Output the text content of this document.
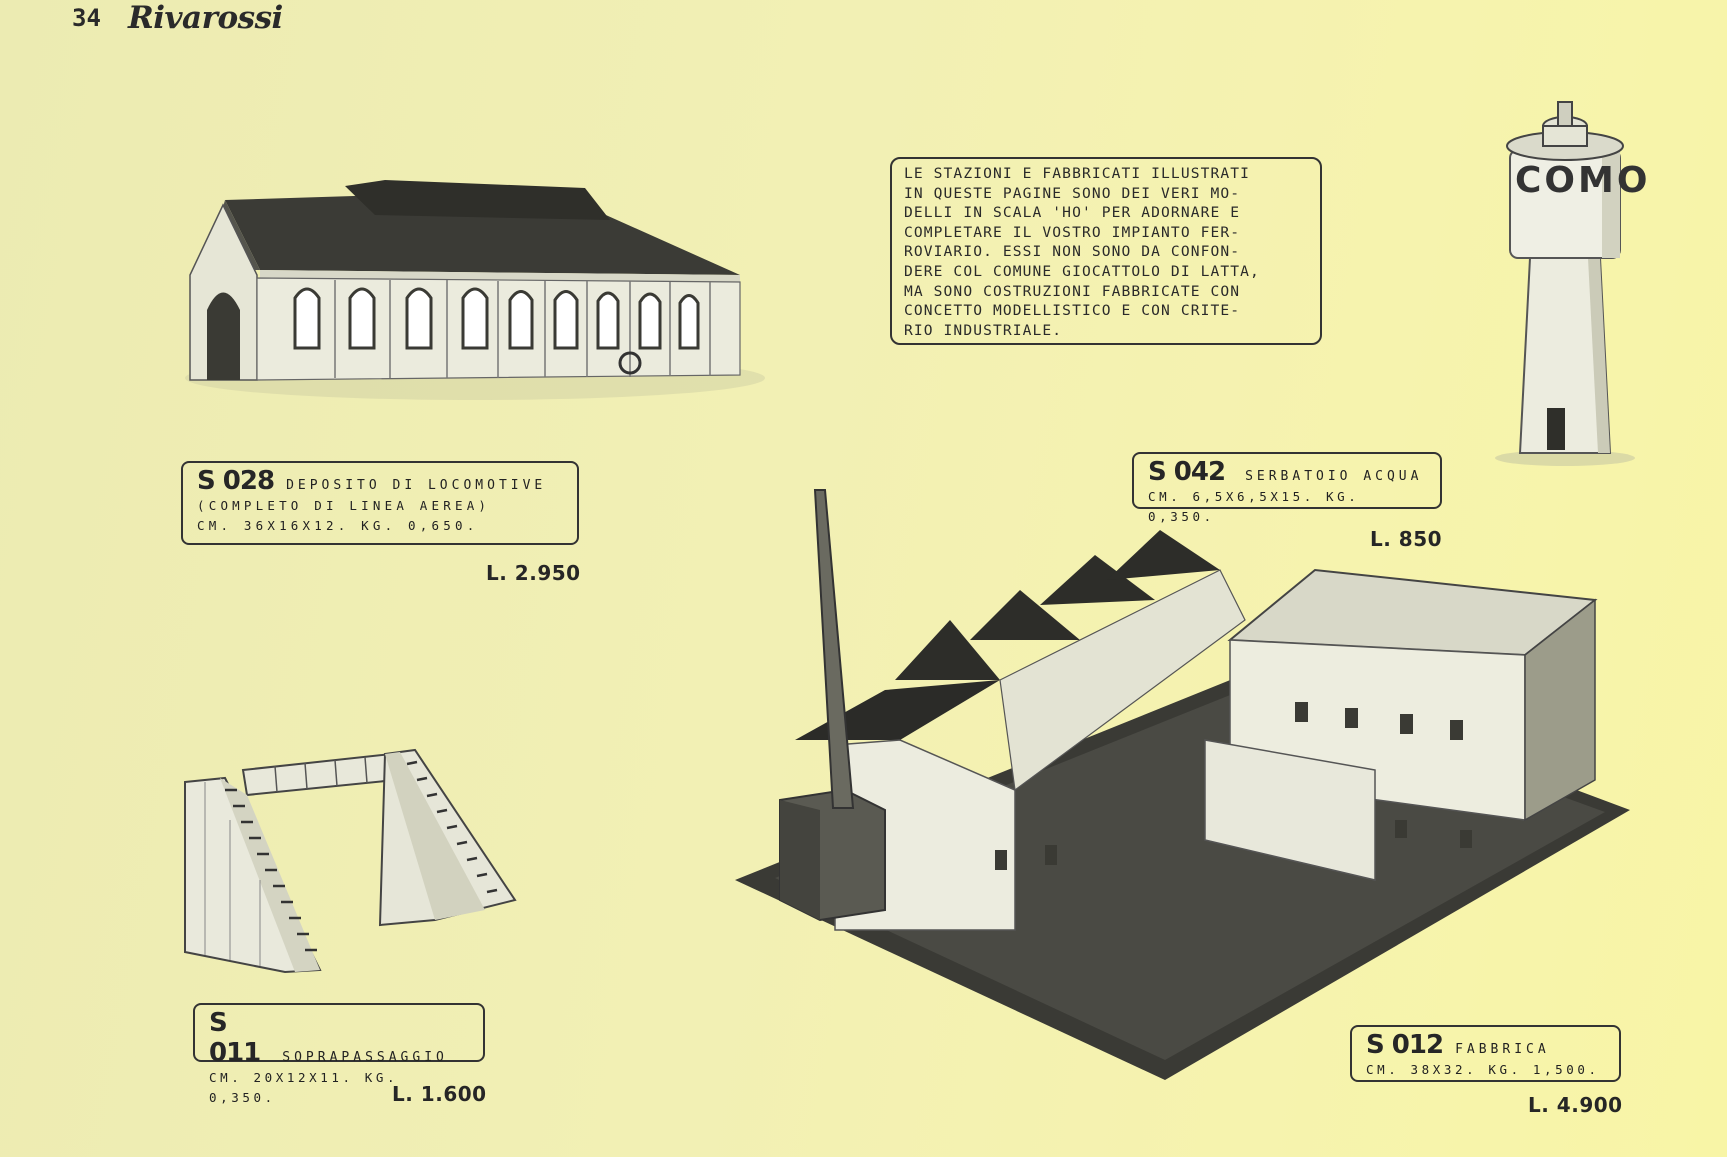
34 Rivarossi
LE STAZIONI E FABBRICATI ILLUSTRATI
IN QUESTE PAGINE SONO DEI VERI MO-
DELLI IN SCALA 'HO' PER ADORNARE E
COMPLETARE IL VOSTRO IMPIANTO FER-
ROVIARIO. ESSI NON SONO DA CONFON-
DERE COL COMUNE GIOCATTOLO DI LATTA,
MA SONO COSTRUZIONI FABBRICATE CON
CONCETTO MODELLISTICO E CON CRITE-
RIO INDUSTRIALE.
S 028 DEPOSITO DI LOCOMOTIVE
(COMPLETO DI LINEA AEREA)
CM. 36X16X12. KG. 0,650.
L. 2.950
COMO
S 042 SERBATOIO ACQUA
CM. 6,5X6,5X15. KG. 0,350.
L. 850
S 011 SOPRAPASSAGGIO
CM. 20X12X11. KG. 0,350.	L. 1.600
S 012 FABBRICA
CM. 38X32. KG. 1,500.
L. 4.900
